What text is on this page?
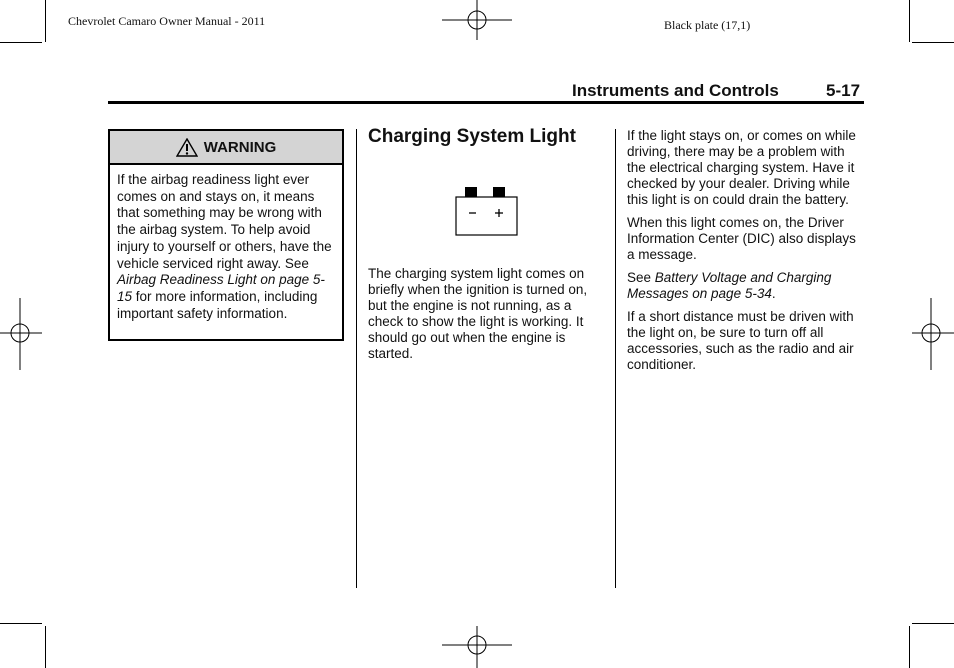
Chevrolet Camaro Owner Manual - 2011	Black plate (17,1)
Instruments and Controls	5-17
WARNING
If the airbag readiness light ever comes on and stays on, it means that something may be wrong with the airbag system. To help avoid injury to yourself or others, have the vehicle serviced right away. See Airbag Readiness Light on page 5-15 for more information, including important safety information.
Charging System Light

The charging system light comes on briefly when the ignition is turned on, but the engine is not running, as a check to show the light is working. It should go out when the engine is started.

If the light stays on, or comes on while driving, there may be a problem with the electrical charging system. Have it checked by your dealer. Driving while this light is on could drain the battery.

When this light comes on, the Driver Information Center (DIC) also displays a message.

See Battery Voltage and Charging Messages on page 5-34.

If a short distance must be driven with the light on, be sure to turn off all accessories, such as the radio and air conditioner.
